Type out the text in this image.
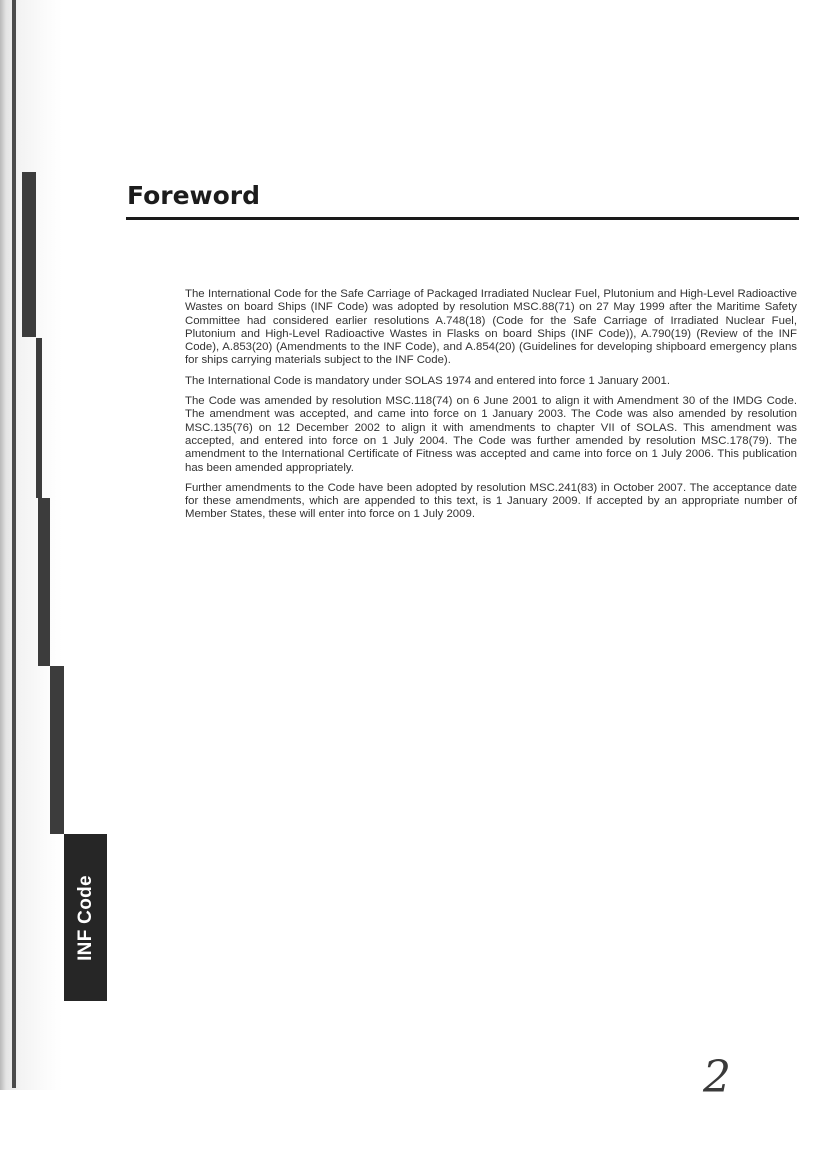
INF Code
Foreword

The International Code for the Safe Carriage of Packaged Irradiated Nuclear Fuel, Plutonium and High-Level Radioactive Wastes on board Ships (INF Code) was adopted by resolution MSC.88(71) on 27 May 1999 after the Maritime Safety Committee had considered earlier resolutions A.748(18) (Code for the Safe Carriage of Irradiated Nuclear Fuel, Plutonium and High-Level Radioactive Wastes in Flasks on board Ships (INF Code)), A.790(19) (Review of the INF Code), A.853(20) (Amendments to the INF Code), and A.854(20) (Guidelines for developing shipboard emergency plans for ships carrying materials subject to the INF Code).

The International Code is mandatory under SOLAS 1974 and entered into force 1 January 2001.

The Code was amended by resolution MSC.118(74) on 6 June 2001 to align it with Amendment 30 of the IMDG Code. The amendment was accepted, and came into force on 1 January 2003. The Code was also amended by resolution MSC.135(76) on 12 December 2002 to align it with amendments to chapter VII of SOLAS. This amendment was accepted, and entered into force on 1 July 2004. The Code was further amended by resolution MSC.178(79). The amendment to the International Certificate of Fitness was accepted and came into force on 1 July 2006. This publication has been amended appropriately.

Further amendments to the Code have been adopted by resolution MSC.241(83) in October 2007. The acceptance date for these amendments, which are appended to this text, is 1 January 2009. If accepted by an appropriate number of Member States, these will enter into force on 1 July 2009.

2
